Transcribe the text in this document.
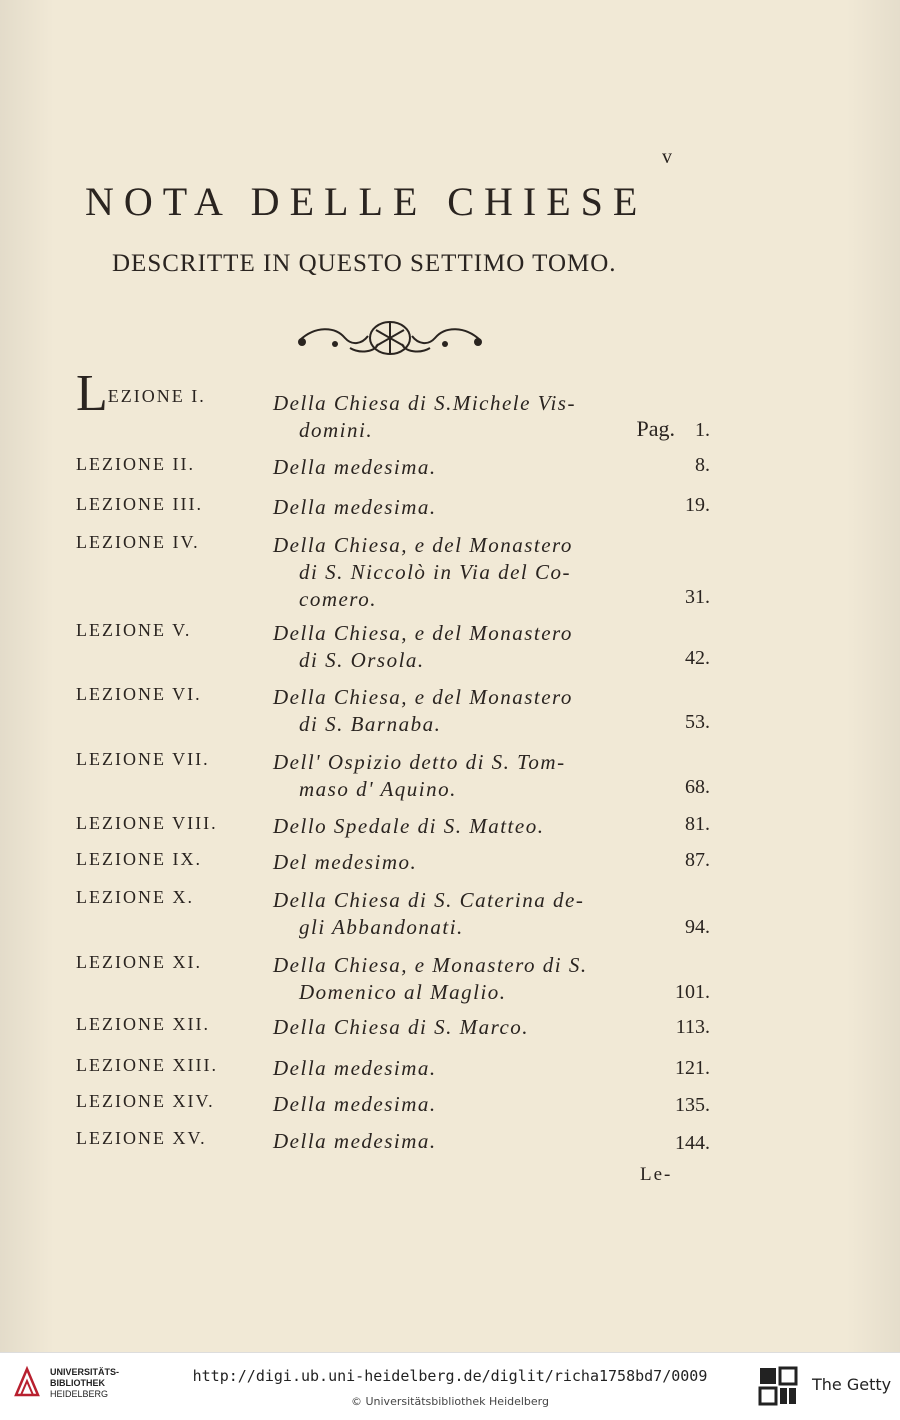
v
NOTA DELLE CHIESE
DESCRITTE IN QUESTO SETTIMO TOMO.
LEZIONE I.	Della Chiesa di S.Michele Vis-
domini.	Pag. 1.
LEZIONE II.	Della medesima.	8.
LEZIONE III.	Della medesima.	19.
LEZIONE IV.	Della Chiesa, e del Monastero
di S. Niccolò in Via del Co-
comero.	31.
LEZIONE V.	Della Chiesa, e del Monastero
di S. Orsola.	42.
LEZIONE VI.	Della Chiesa, e del Monastero
di S. Barnaba.	53.
LEZIONE VII.	Dell' Ospizio detto di S. Tom-
maso d' Aquino.	68.
LEZIONE VIII.	Dello Spedale di S. Matteo.	81.
LEZIONE IX.	Del medesimo.	87.
LEZIONE X.	Della Chiesa di S. Caterina de-
gli Abbandonati.	94.
LEZIONE XI.	Della Chiesa, e Monastero di S.
Domenico al Maglio.	101.
LEZIONE XII.	Della Chiesa di S. Marco.	113.
LEZIONE XIII.	Della medesima.	121.
LEZIONE XIV.	Della medesima.	135.
LEZIONE XV.	Della medesima.	144.
Le-
UNIVERSITÄTS-
BIBLIOTHEK
HEIDELBERG
http://digi.ub.uni-heidelberg.de/diglit/richa1758bd7/0009
© Universitätsbibliothek Heidelberg
The Getty
